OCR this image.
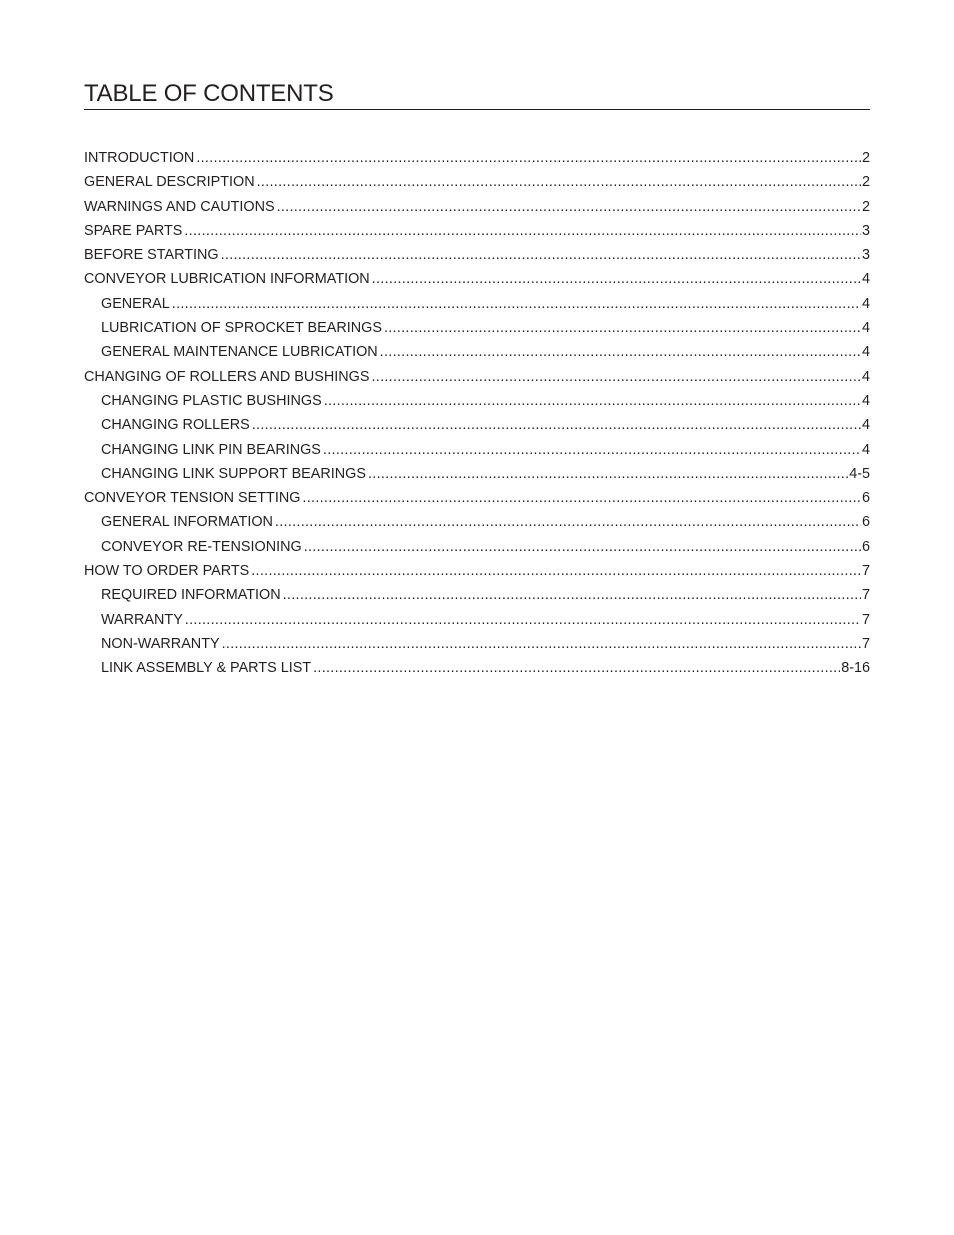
TABLE OF CONTENTS
INTRODUCTION .....	2
GENERAL DESCRIPTION .....	2
WARNINGS AND CAUTIONS .....	2
SPARE PARTS .....	3
BEFORE STARTING .....	3
CONVEYOR LUBRICATION INFORMATION .....	4
GENERAL .....	4
LUBRICATION OF SPROCKET BEARINGS .....	4
GENERAL MAINTENANCE LUBRICATION .....	4
CHANGING OF ROLLERS AND BUSHINGS .....	4
CHANGING PLASTIC BUSHINGS .....	4
CHANGING ROLLERS .....	4
CHANGING LINK PIN BEARINGS .....	4
CHANGING LINK SUPPORT BEARINGS .....	4-5
CONVEYOR TENSION SETTING .....	6
GENERAL INFORMATION .....	6
CONVEYOR RE-TENSIONING .....	6
HOW TO ORDER PARTS .....	7
REQUIRED INFORMATION .....	7
WARRANTY .....	7
NON-WARRANTY .....	7
LINK ASSEMBLY & PARTS LIST .....	8-16
